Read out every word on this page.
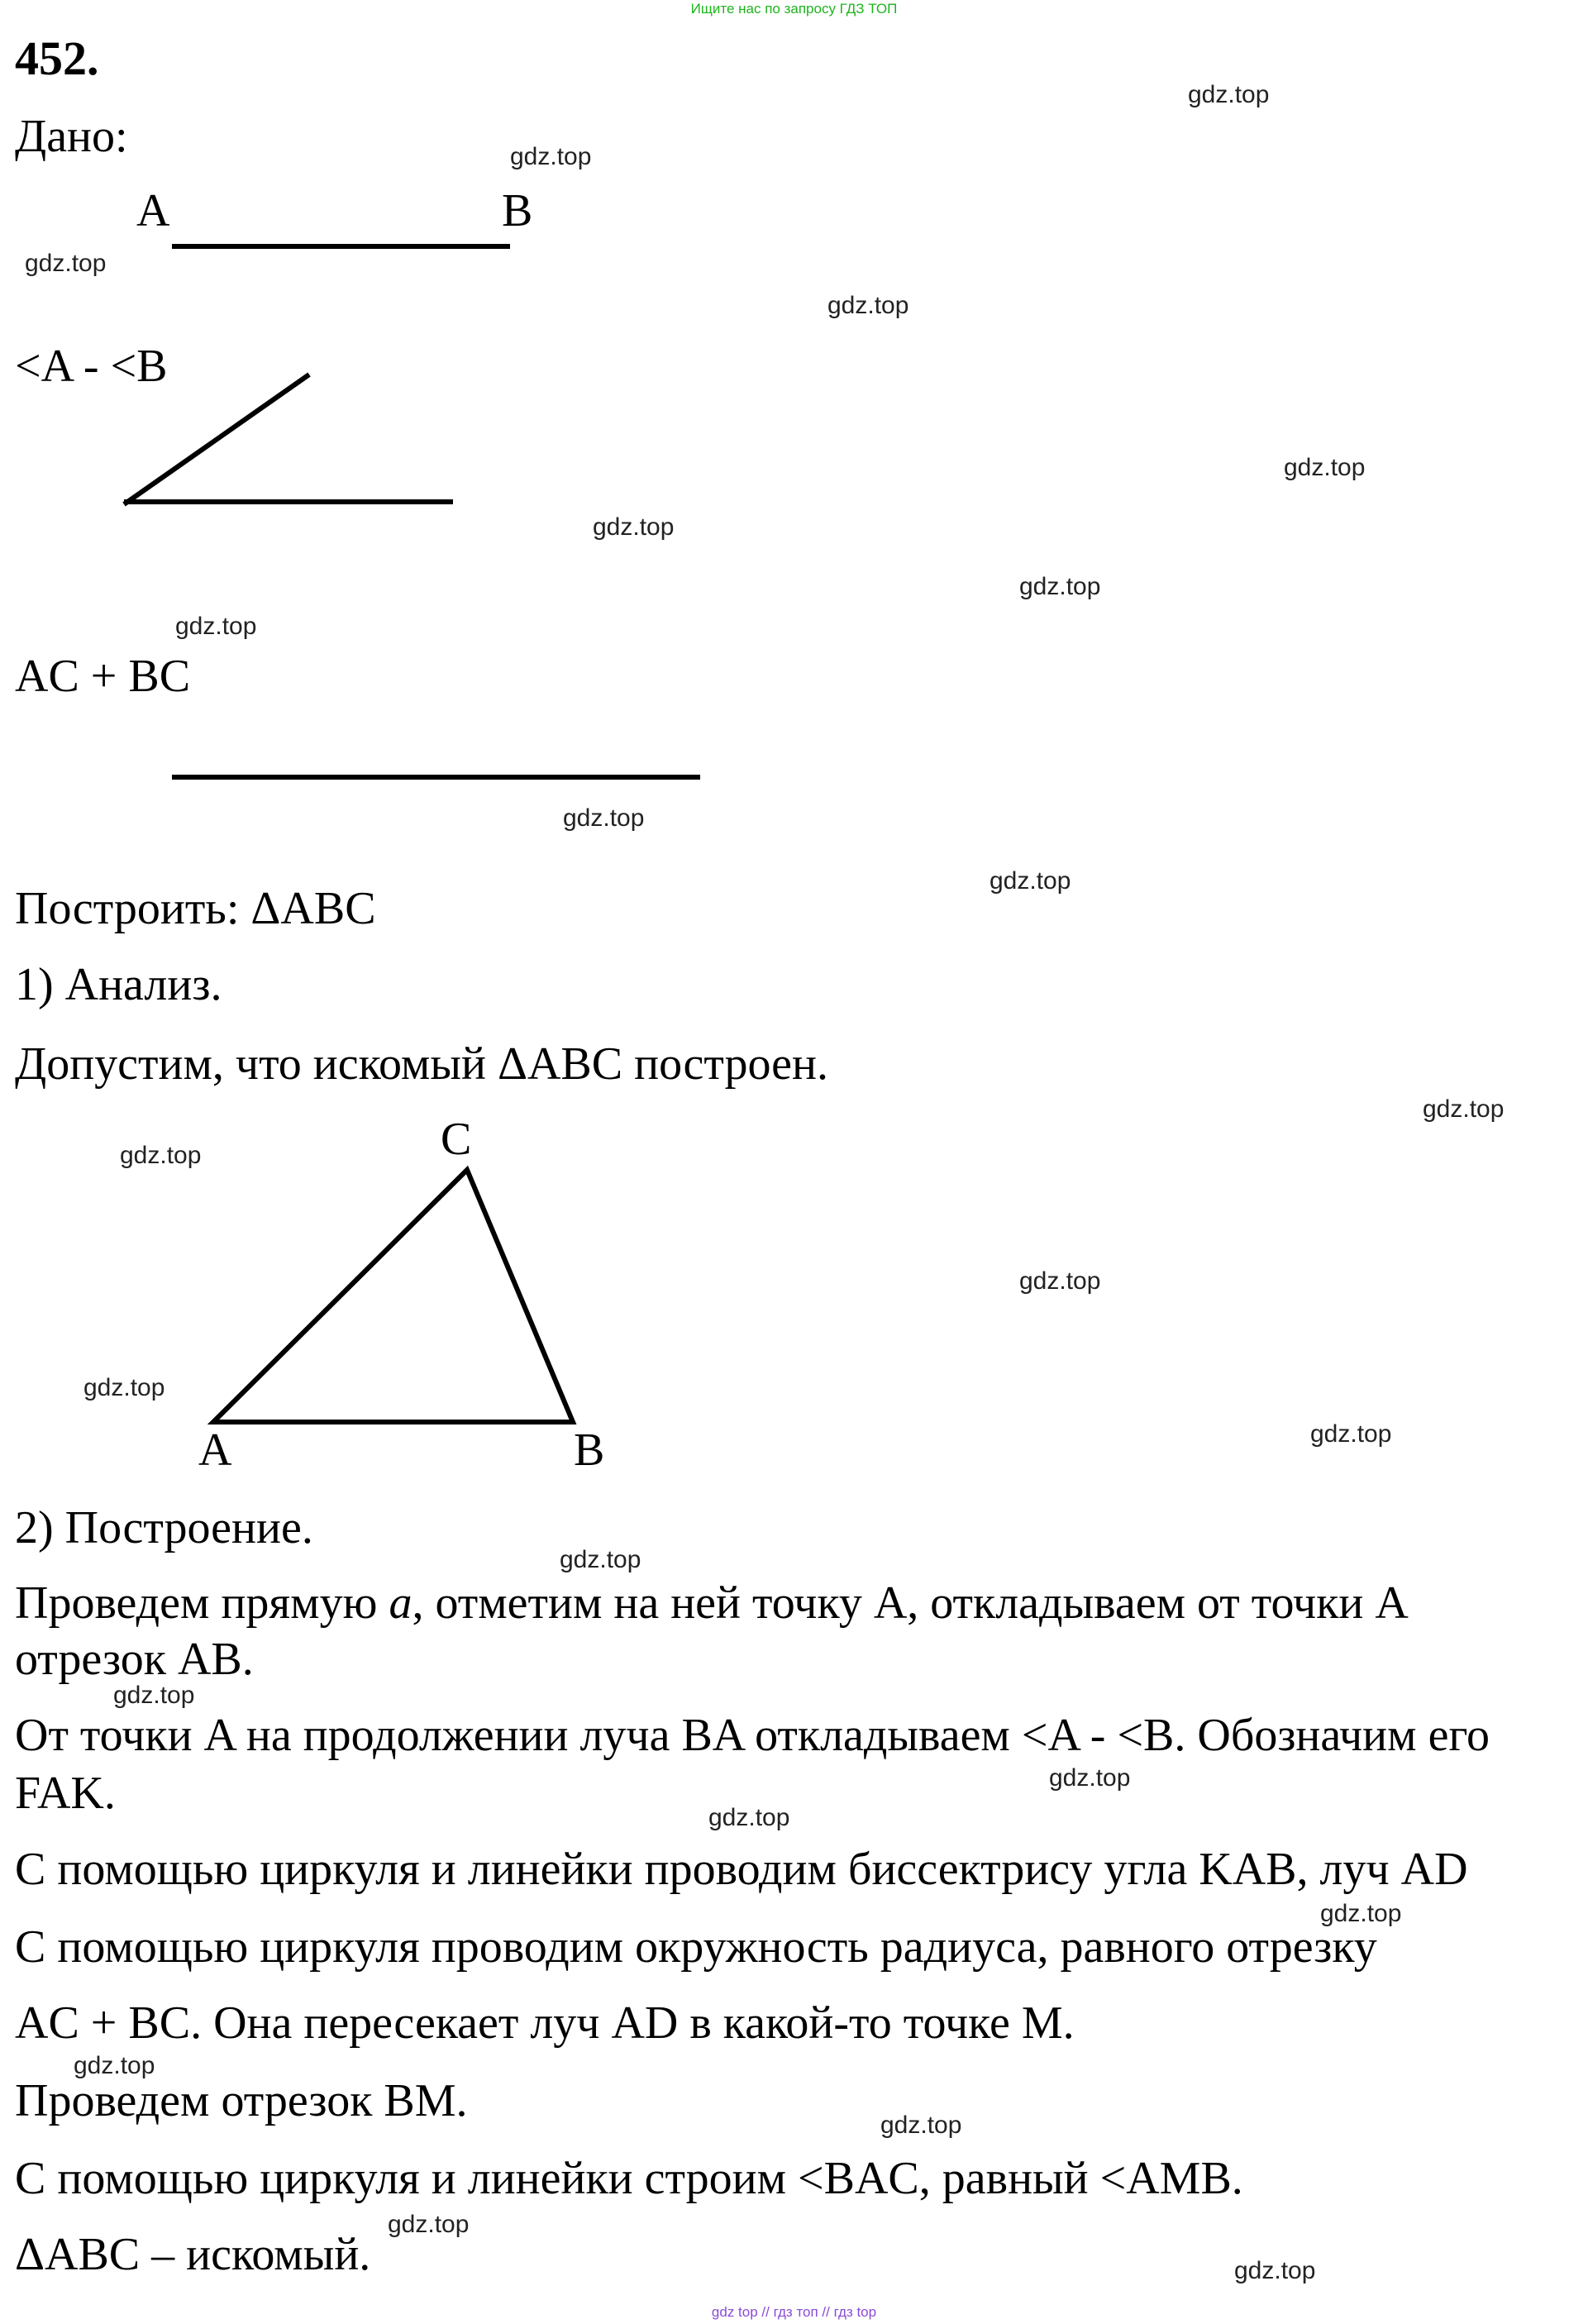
Ищите нас по запросу ГДЗ ТОП

452.

Дано:

A	B

<A - <B

AC + BC

Построить: ΔABC

1) Анализ.

Допустим, что искомый ΔABC построен.

C
A	B

2) Построение.

Проведем прямую a, отметим на ней точку A, откладываем от точки A

отрезок AB.

От точки A на продолжении луча BA откладываем <A - <B. Обозначим его

FAK.

С помощью циркуля и линейки проводим биссектрису угла KAB, луч AD

С помощью циркуля проводим окружность радиуса, равного отрезку

AC + BC. Она пересекает луч AD в какой-то точке M.

Проведем отрезок BM.

С помощью циркуля и линейки строим <BAC, равный <AMB.

ΔABC – искомый.

gdz.top
gdz.top
gdz.top
gdz.top
gdz.top
gdz.top
gdz.top
gdz.top
gdz.top
gdz.top
gdz.top
gdz.top
gdz.top
gdz.top
gdz.top
gdz.top
gdz.top
gdz.top
gdz.top
gdz.top
gdz.top
gdz.top
gdz.top
gdz.top
gdz top // гдз топ // гдз top
